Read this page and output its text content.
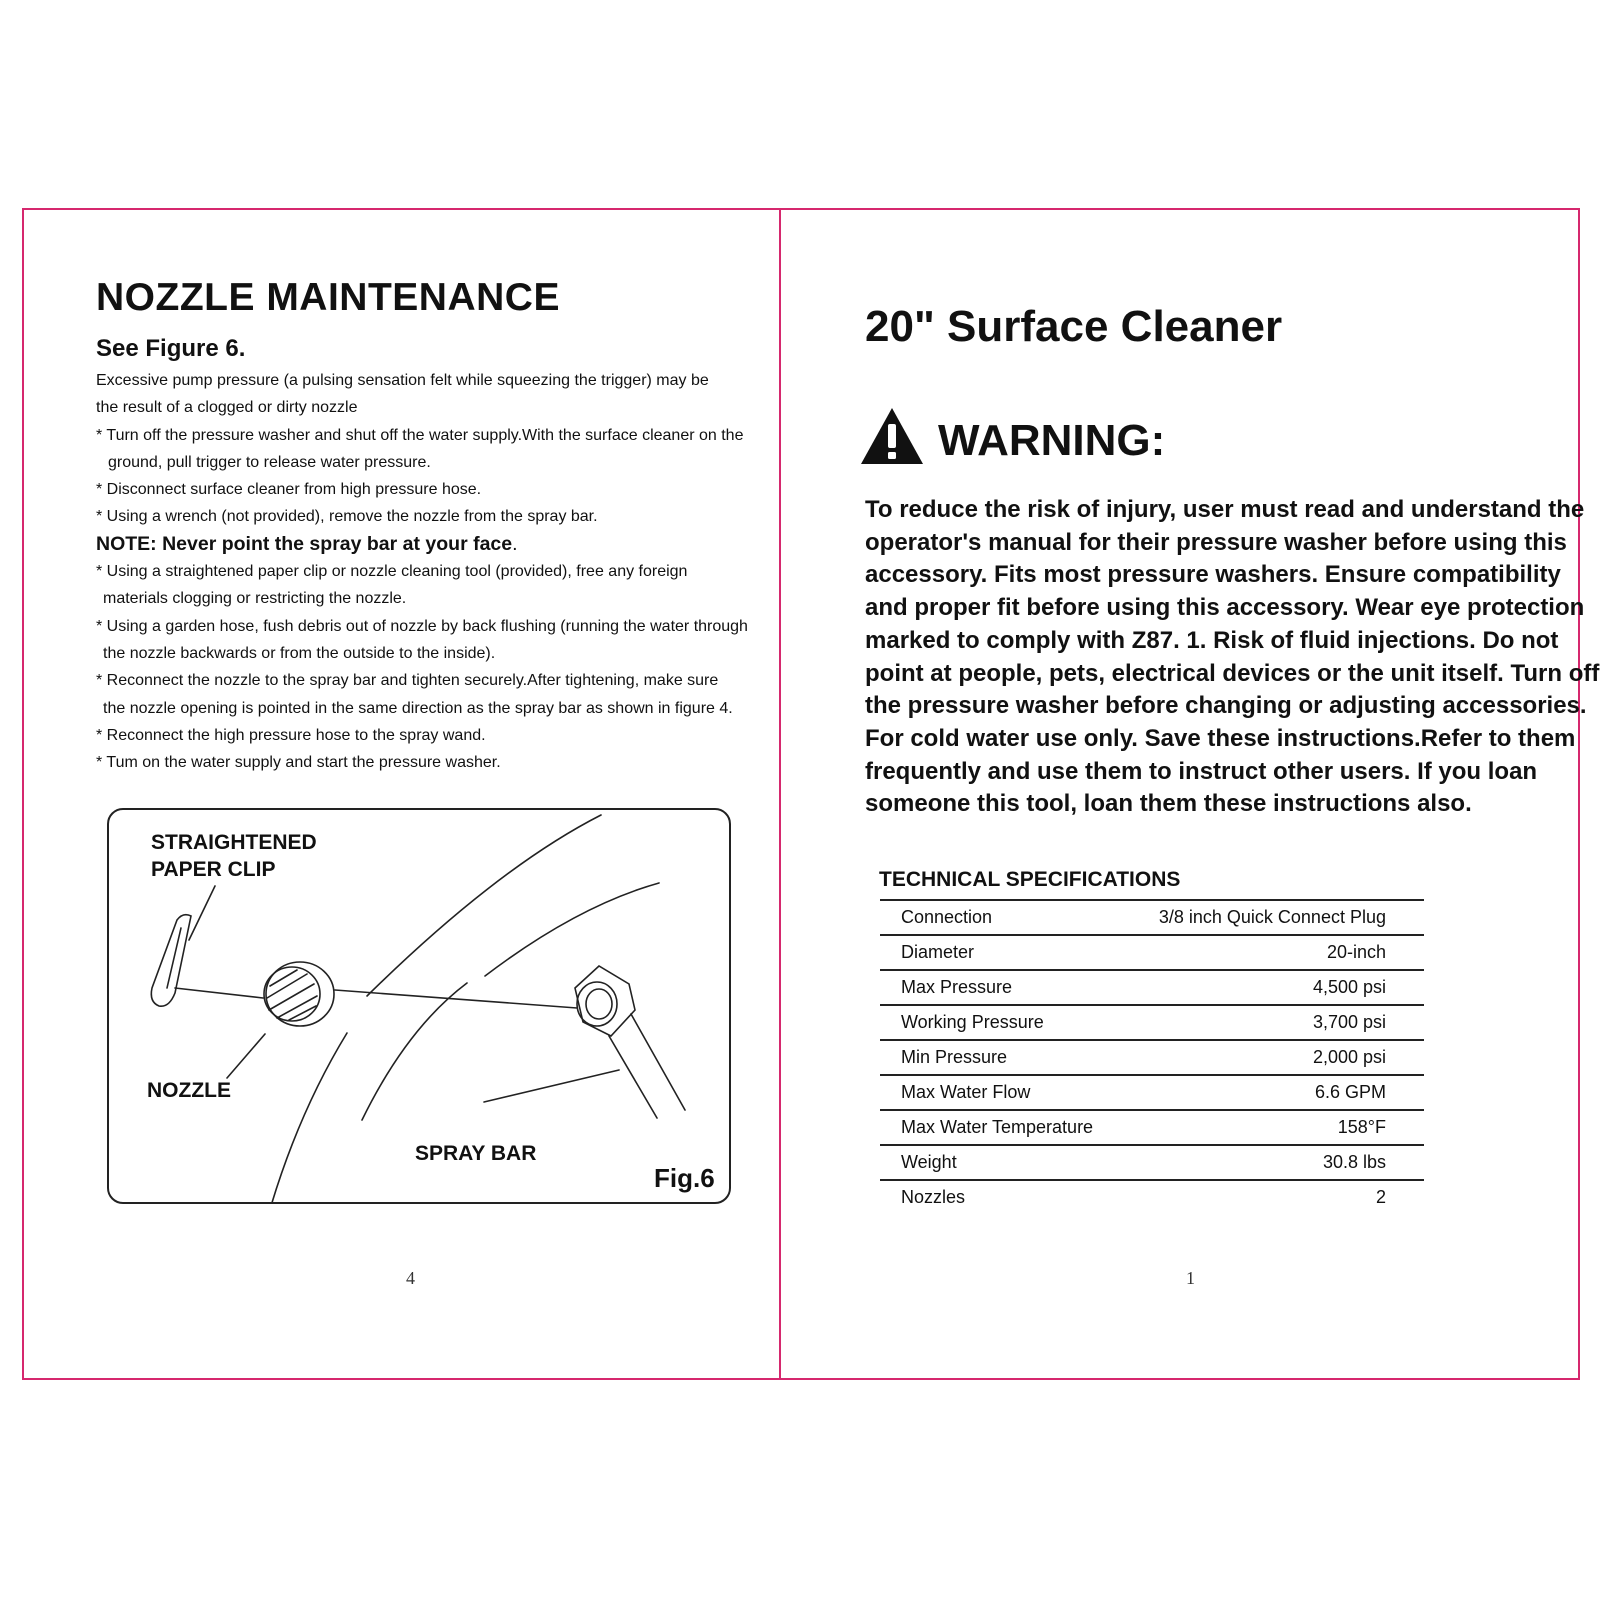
NOZZLE MAINTENANCE
See Figure 6.
Excessive pump pressure (a pulsing sensation felt while squeezing the trigger) may be
the result of a clogged or dirty nozzle
* Turn off the pressure washer and shut off the water supply.With the surface cleaner on the
ground, pull trigger to release water pressure.
* Disconnect surface cleaner from high pressure hose.
* Using a wrench (not provided), remove the nozzle from the spray bar.
NOTE: Never point the spray bar at your face.
* Using a straightened paper clip or nozzle cleaning tool (provided), free any foreign
materials clogging or restricting the nozzle.
* Using a garden hose, fush debris out of nozzle by back flushing (running the water through
the nozzle backwards or from the outside to the inside).
* Reconnect the nozzle to the spray bar and tighten securely.After tightening, make sure
the nozzle opening is pointed in the same direction as the spray bar as shown in figure 4.
* Reconnect the high pressure hose to the spray wand.
* Tum on the water supply and start the pressure washer.
STRAIGHTENED
PAPER CLIP
NOZZLE
SPRAY BAR
Fig.6
4
20" Surface Cleaner
WARNING:
To reduce the risk of injury, user must read and understand the
operator's manual for their pressure washer before using this
accessory. Fits most pressure washers. Ensure compatibility
and proper fit before using this accessory. Wear eye protection
marked to comply with Z87. 1. Risk of fluid injections. Do not
point at people, pets, electrical devices or the unit itself. Turn off
the pressure washer before changing or adjusting accessories.
For cold water use only. Save these instructions.Refer to them
frequently and use them to instruct other users. If you loan
someone this tool, loan them these instructions also.
TECHNICAL SPECIFICATIONS
Connection	3/8 inch Quick Connect Plug
Diameter	20-inch
Max Pressure	4,500 psi
Working Pressure	3,700 psi
Min Pressure	2,000 psi
Max Water Flow	6.6 GPM
Max Water Temperature	158°F
Weight	30.8 lbs
Nozzles	2
1
